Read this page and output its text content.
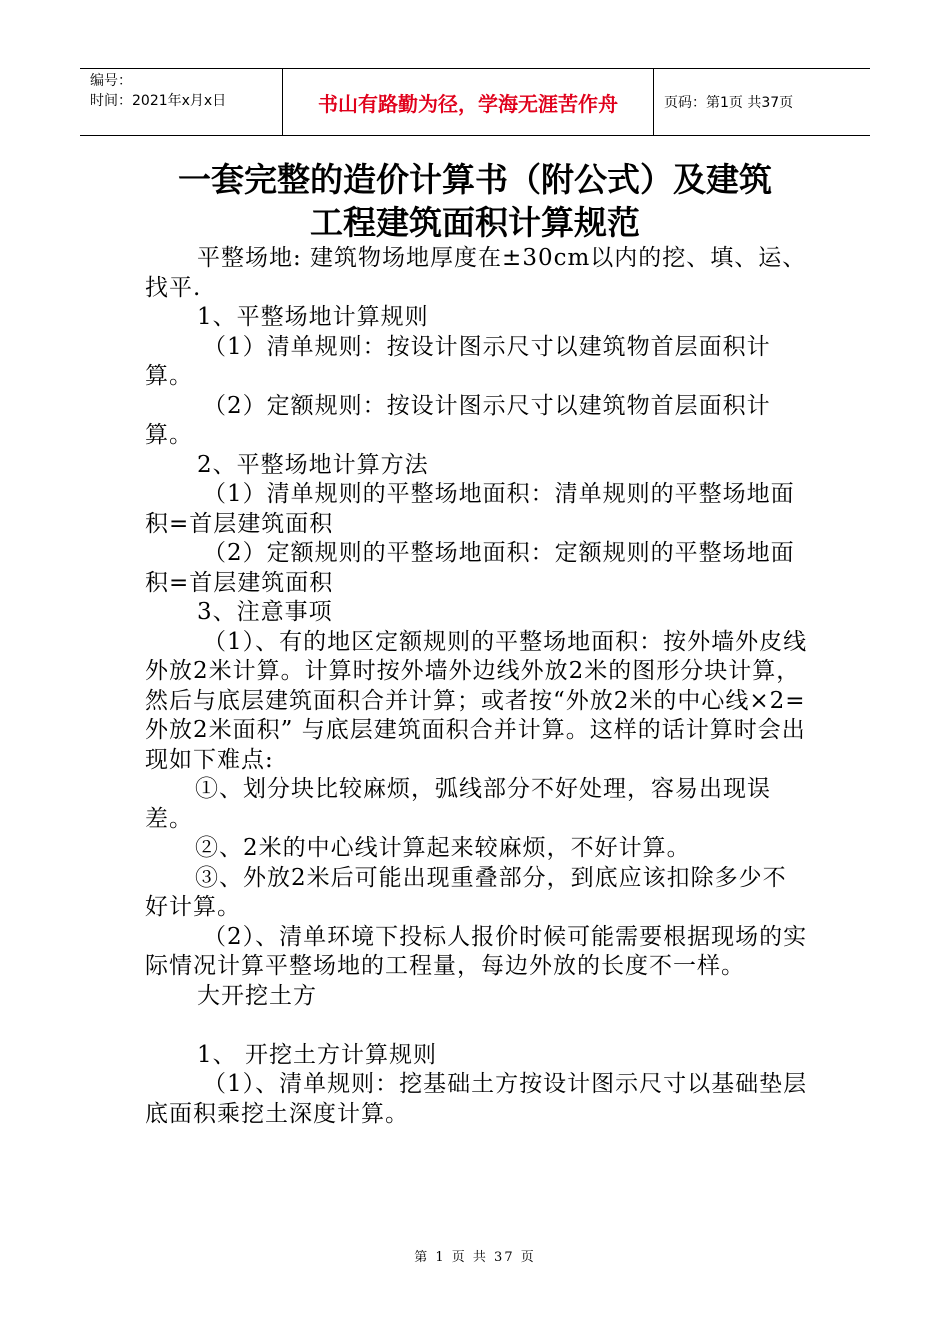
编号：
时间：2021年x月x日	书山有路勤为径，学海无涯苦作舟	页码：第1页 共37页
一套完整的造价计算书（附公式）及建筑
工程建筑面积计算规范

平整场地: 建筑物场地厚度在±30cm以内的挖、填、运、找平.

1、平整场地计算规则

（1）清单规则：按设计图示尺寸以建筑物首层面积计算。

（2）定额规则：按设计图示尺寸以建筑物首层面积计算。

2、平整场地计算方法

（1）清单规则的平整场地面积：清单规则的平整场地面积=首层建筑面积

（2）定额规则的平整场地面积：定额规则的平整场地面积=首层建筑面积

3、注意事项

（1）、有的地区定额规则的平整场地面积：按外墙外皮线外放2米计算。计算时按外墙外边线外放2米的图形分块计算，然后与底层建筑面积合并计算；或者按“外放2米的中心线×2=外放2米面积” 与底层建筑面积合并计算。这样的话计算时会出现如下难点:

①、划分块比较麻烦，弧线部分不好处理，容易出现误差。

②、2米的中心线计算起来较麻烦，不好计算。

③、外放2米后可能出现重叠部分，到底应该扣除多少不好计算。

（2）、清单环境下投标人报价时候可能需要根据现场的实际情况计算平整场地的工程量，每边外放的长度不一样。

大开挖土方

1、 开挖土方计算规则

（1）、清单规则：挖基础土方按设计图示尺寸以基础垫层底面积乘挖土深度计算。

第 1 页 共 37 页
